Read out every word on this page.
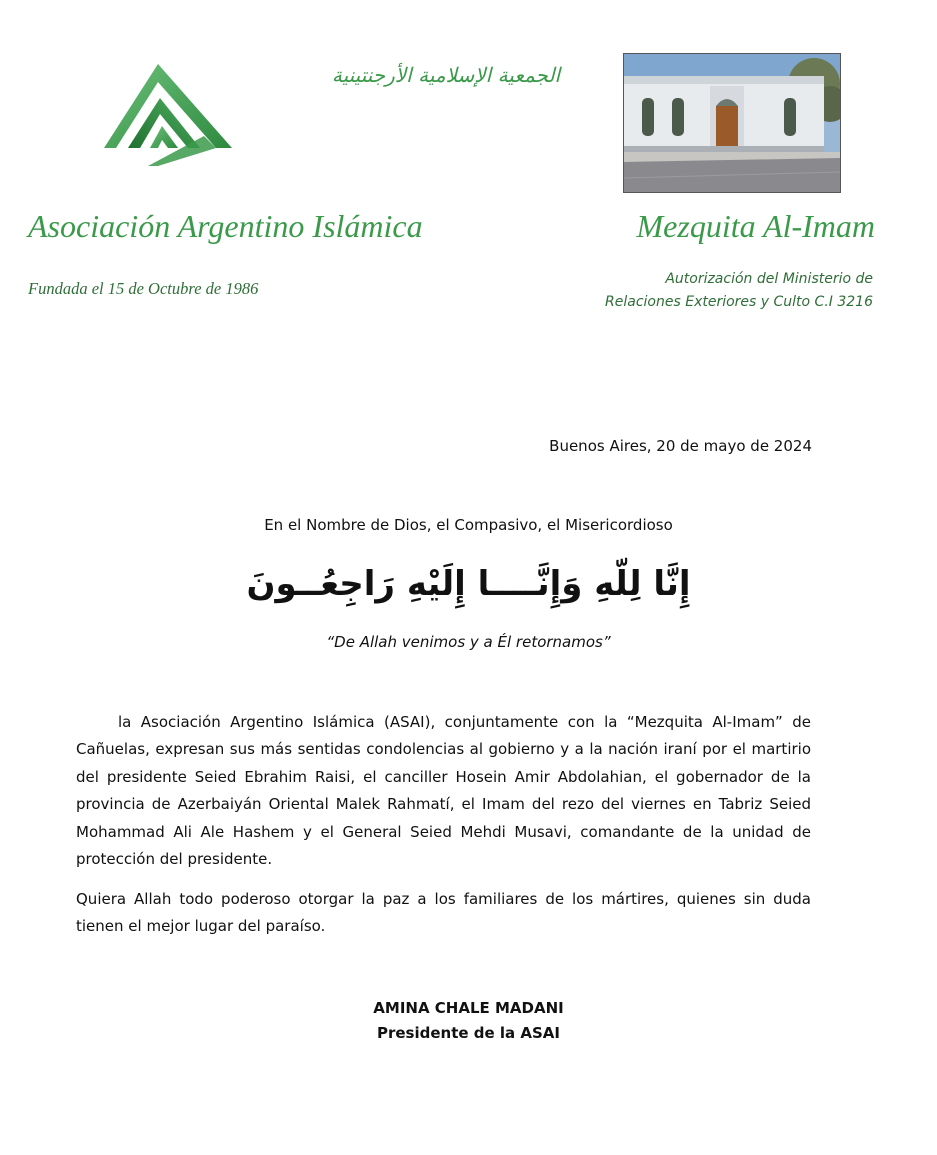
الجمعية الإسلامية الأرجنتينية
Asociación Argentino Islámica	Mezquita Al-Imam
Fundada el 15 de Octubre de 1986	Autorización del Ministerio de
Relaciones Exteriores y Culto C.I 3216
Buenos Aires, 20 de mayo de 2024
En el Nombre de Dios, el Compasivo, el Misericordioso
إِنَّا لِلّهِ وَإِنَّــــا إِلَيْهِ رَاجِعُــونَ
“De Allah venimos y a Él retornamos”

la Asociación Argentino Islámica (ASAI), conjuntamente con la “Mezquita Al-Imam” de Cañuelas, expresan sus más sentidas condolencias al gobierno y a la nación iraní por el martirio del presidente Seied Ebrahim Raisi, el canciller Hosein Amir Abdolahian, el gobernador de la provincia de Azerbaiyán Oriental Malek Rahmatí, el Imam del rezo del viernes en Tabriz Seied Mohammad Ali Ale Hashem y el General Seied Mehdi Musavi, comandante de la unidad de protección del presidente.

Quiera Allah todo poderoso otorgar la paz a los familiares de los mártires, quienes sin duda tienen el mejor lugar del paraíso.

AMINA CHALE MADANI
Presidente de la ASAI
